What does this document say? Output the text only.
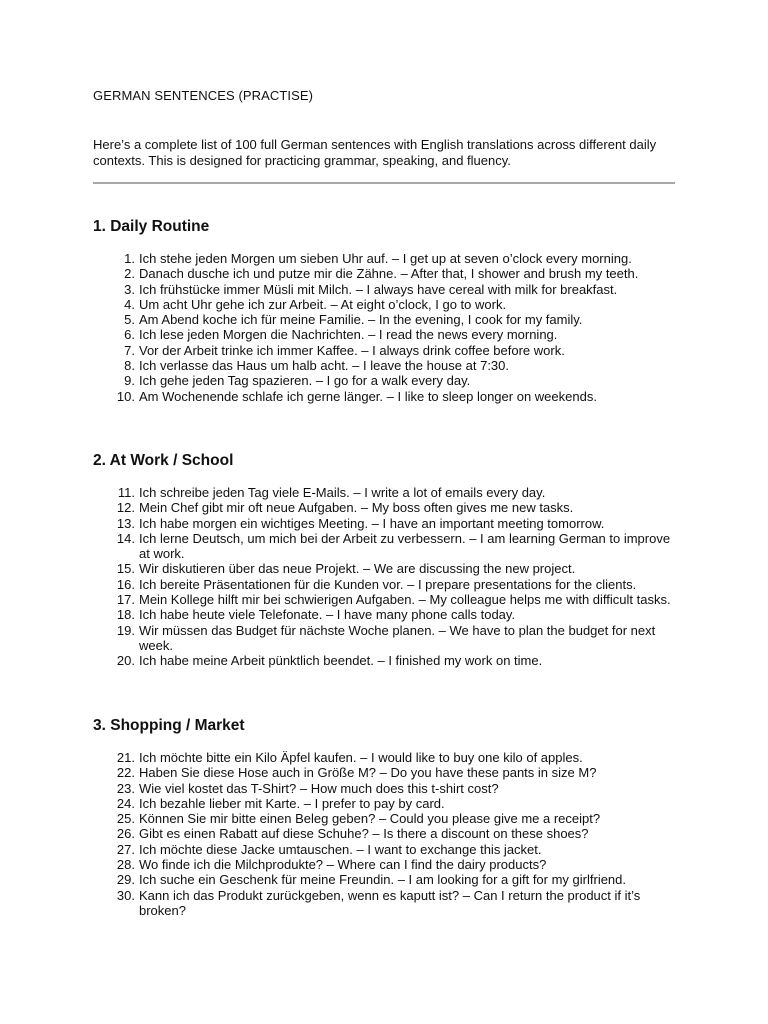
GERMAN SENTENCES (PRACTISE)

Here’s a complete list of 100 full German sentences with English translations across different daily contexts. This is designed for practicing grammar, speaking, and fluency.

1. Daily Routine
1. Ich stehe jeden Morgen um sieben Uhr auf. – I get up at seven o’clock every morning.
2. Danach dusche ich und putze mir die Zähne. – After that, I shower and brush my teeth.
3. Ich frühstücke immer Müsli mit Milch. – I always have cereal with milk for breakfast.
4. Um acht Uhr gehe ich zur Arbeit. – At eight o’clock, I go to work.
5. Am Abend koche ich für meine Familie. – In the evening, I cook for my family.
6. Ich lese jeden Morgen die Nachrichten. – I read the news every morning.
7. Vor der Arbeit trinke ich immer Kaffee. – I always drink coffee before work.
8. Ich verlasse das Haus um halb acht. – I leave the house at 7:30.
9. Ich gehe jeden Tag spazieren. – I go for a walk every day.
10. Am Wochenende schlafe ich gerne länger. – I like to sleep longer on weekends.
2. At Work / School
11. Ich schreibe jeden Tag viele E-Mails. – I write a lot of emails every day.
12. Mein Chef gibt mir oft neue Aufgaben. – My boss often gives me new tasks.
13. Ich habe morgen ein wichtiges Meeting. – I have an important meeting tomorrow.
14. Ich lerne Deutsch, um mich bei der Arbeit zu verbessern. – I am learning German to improve at work.
15. Wir diskutieren über das neue Projekt. – We are discussing the new project.
16. Ich bereite Präsentationen für die Kunden vor. – I prepare presentations for the clients.
17. Mein Kollege hilft mir bei schwierigen Aufgaben. – My colleague helps me with difficult tasks.
18. Ich habe heute viele Telefonate. – I have many phone calls today.
19. Wir müssen das Budget für nächste Woche planen. – We have to plan the budget for next week.
20. Ich habe meine Arbeit pünktlich beendet. – I finished my work on time.
3. Shopping / Market
21. Ich möchte bitte ein Kilo Äpfel kaufen. – I would like to buy one kilo of apples.
22. Haben Sie diese Hose auch in Größe M? – Do you have these pants in size M?
23. Wie viel kostet das T-Shirt? – How much does this t-shirt cost?
24. Ich bezahle lieber mit Karte. – I prefer to pay by card.
25. Können Sie mir bitte einen Beleg geben? – Could you please give me a receipt?
26. Gibt es einen Rabatt auf diese Schuhe? – Is there a discount on these shoes?
27. Ich möchte diese Jacke umtauschen. – I want to exchange this jacket.
28. Wo finde ich die Milchprodukte? – Where can I find the dairy products?
29. Ich suche ein Geschenk für meine Freundin. – I am looking for a gift for my girlfriend.
30. Kann ich das Produkt zurückgeben, wenn es kaputt ist? – Can I return the product if it’s broken?
